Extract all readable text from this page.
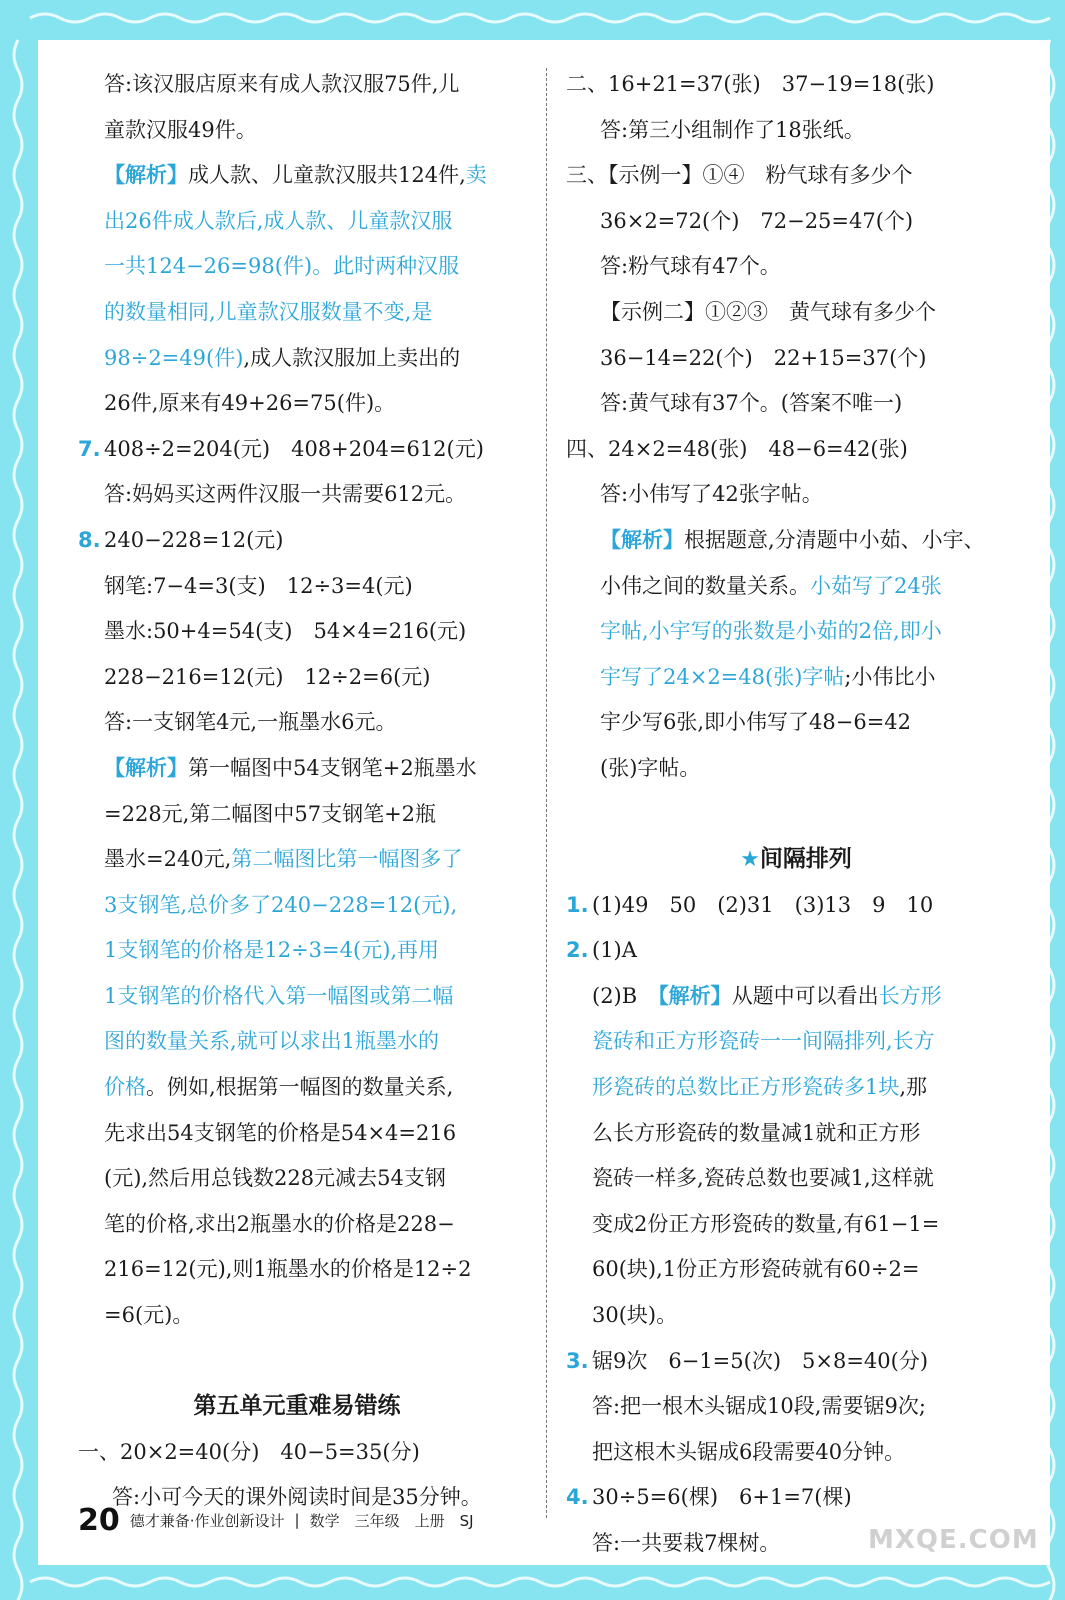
答:该汉服店原来有成人款汉服75件,儿
童款汉服49件。
【解析】成人款、儿童款汉服共124件,卖
出26件成人款后,成人款、儿童款汉服
一共124−26=98(件)。此时两种汉服
的数量相同,儿童款汉服数量不变,是
98÷2=49(件),成人款汉服加上卖出的
26件,原来有49+26=75(件)。
7. 408÷2=204(元)　408+204=612(元)
答:妈妈买这两件汉服一共需要612元。
8. 240−228=12(元)
钢笔:7−4=3(支)　12÷3=4(元)
墨水:50+4=54(支)　54×4=216(元)
228−216=12(元)　12÷2=6(元)
答:一支钢笔4元,一瓶墨水6元。
【解析】第一幅图中54支钢笔+2瓶墨水
=228元,第二幅图中57支钢笔+2瓶
墨水=240元,第二幅图比第一幅图多了
3支钢笔,总价多了240−228=12(元),
1支钢笔的价格是12÷3=4(元),再用
1支钢笔的价格代入第一幅图或第二幅
图的数量关系,就可以求出1瓶墨水的
价格。例如,根据第一幅图的数量关系,
先求出54支钢笔的价格是54×4=216
(元),然后用总钱数228元减去54支钢
笔的价格,求出2瓶墨水的价格是228−
216=12(元),则1瓶墨水的价格是12÷2
=6(元)。
第五单元重难易错练
一、20×2=40(分)　40−5=35(分)
答:小可今天的课外阅读时间是35分钟。
二、16+21=37(张)　37−19=18(张)
答:第三小组制作了18张纸。
三、【示例一】①④　粉气球有多少个
36×2=72(个)　72−25=47(个)
答:粉气球有47个。
【示例二】①②③　黄气球有多少个
36−14=22(个)　22+15=37(个)
答:黄气球有37个。(答案不唯一)
四、24×2=48(张)　48−6=42(张)
答:小伟写了42张字帖。
【解析】根据题意,分清题中小茹、小宇、
小伟之间的数量关系。小茹写了24张
字帖,小宇写的张数是小茹的2倍,即小
宇写了24×2=48(张)字帖;小伟比小
宇少写6张,即小伟写了48−6=42
(张)字帖。
★间隔排列
1. (1)49　50　(2)31　(3)13　9　10
2. (1)A
(2)B　【解析】从题中可以看出长方形
瓷砖和正方形瓷砖一一间隔排列,长方
形瓷砖的总数比正方形瓷砖多1块,那
么长方形瓷砖的数量减1就和正方形
瓷砖一样多,瓷砖总数也要减1,这样就
变成2份正方形瓷砖的数量,有61−1=
60(块),1份正方形瓷砖就有60÷2=
30(块)。
3. 锯9次　6−1=5(次)　5×8=40(分)
答:把一根木头锯成10段,需要锯9次;
把这根木头锯成6段需要40分钟。
4. 30÷5=6(棵)　6+1=7(棵)
答:一共要栽7棵树。
20 德才兼备·作业创新设计 | 数学　三年级　上册　SJ
MXQE.COM
